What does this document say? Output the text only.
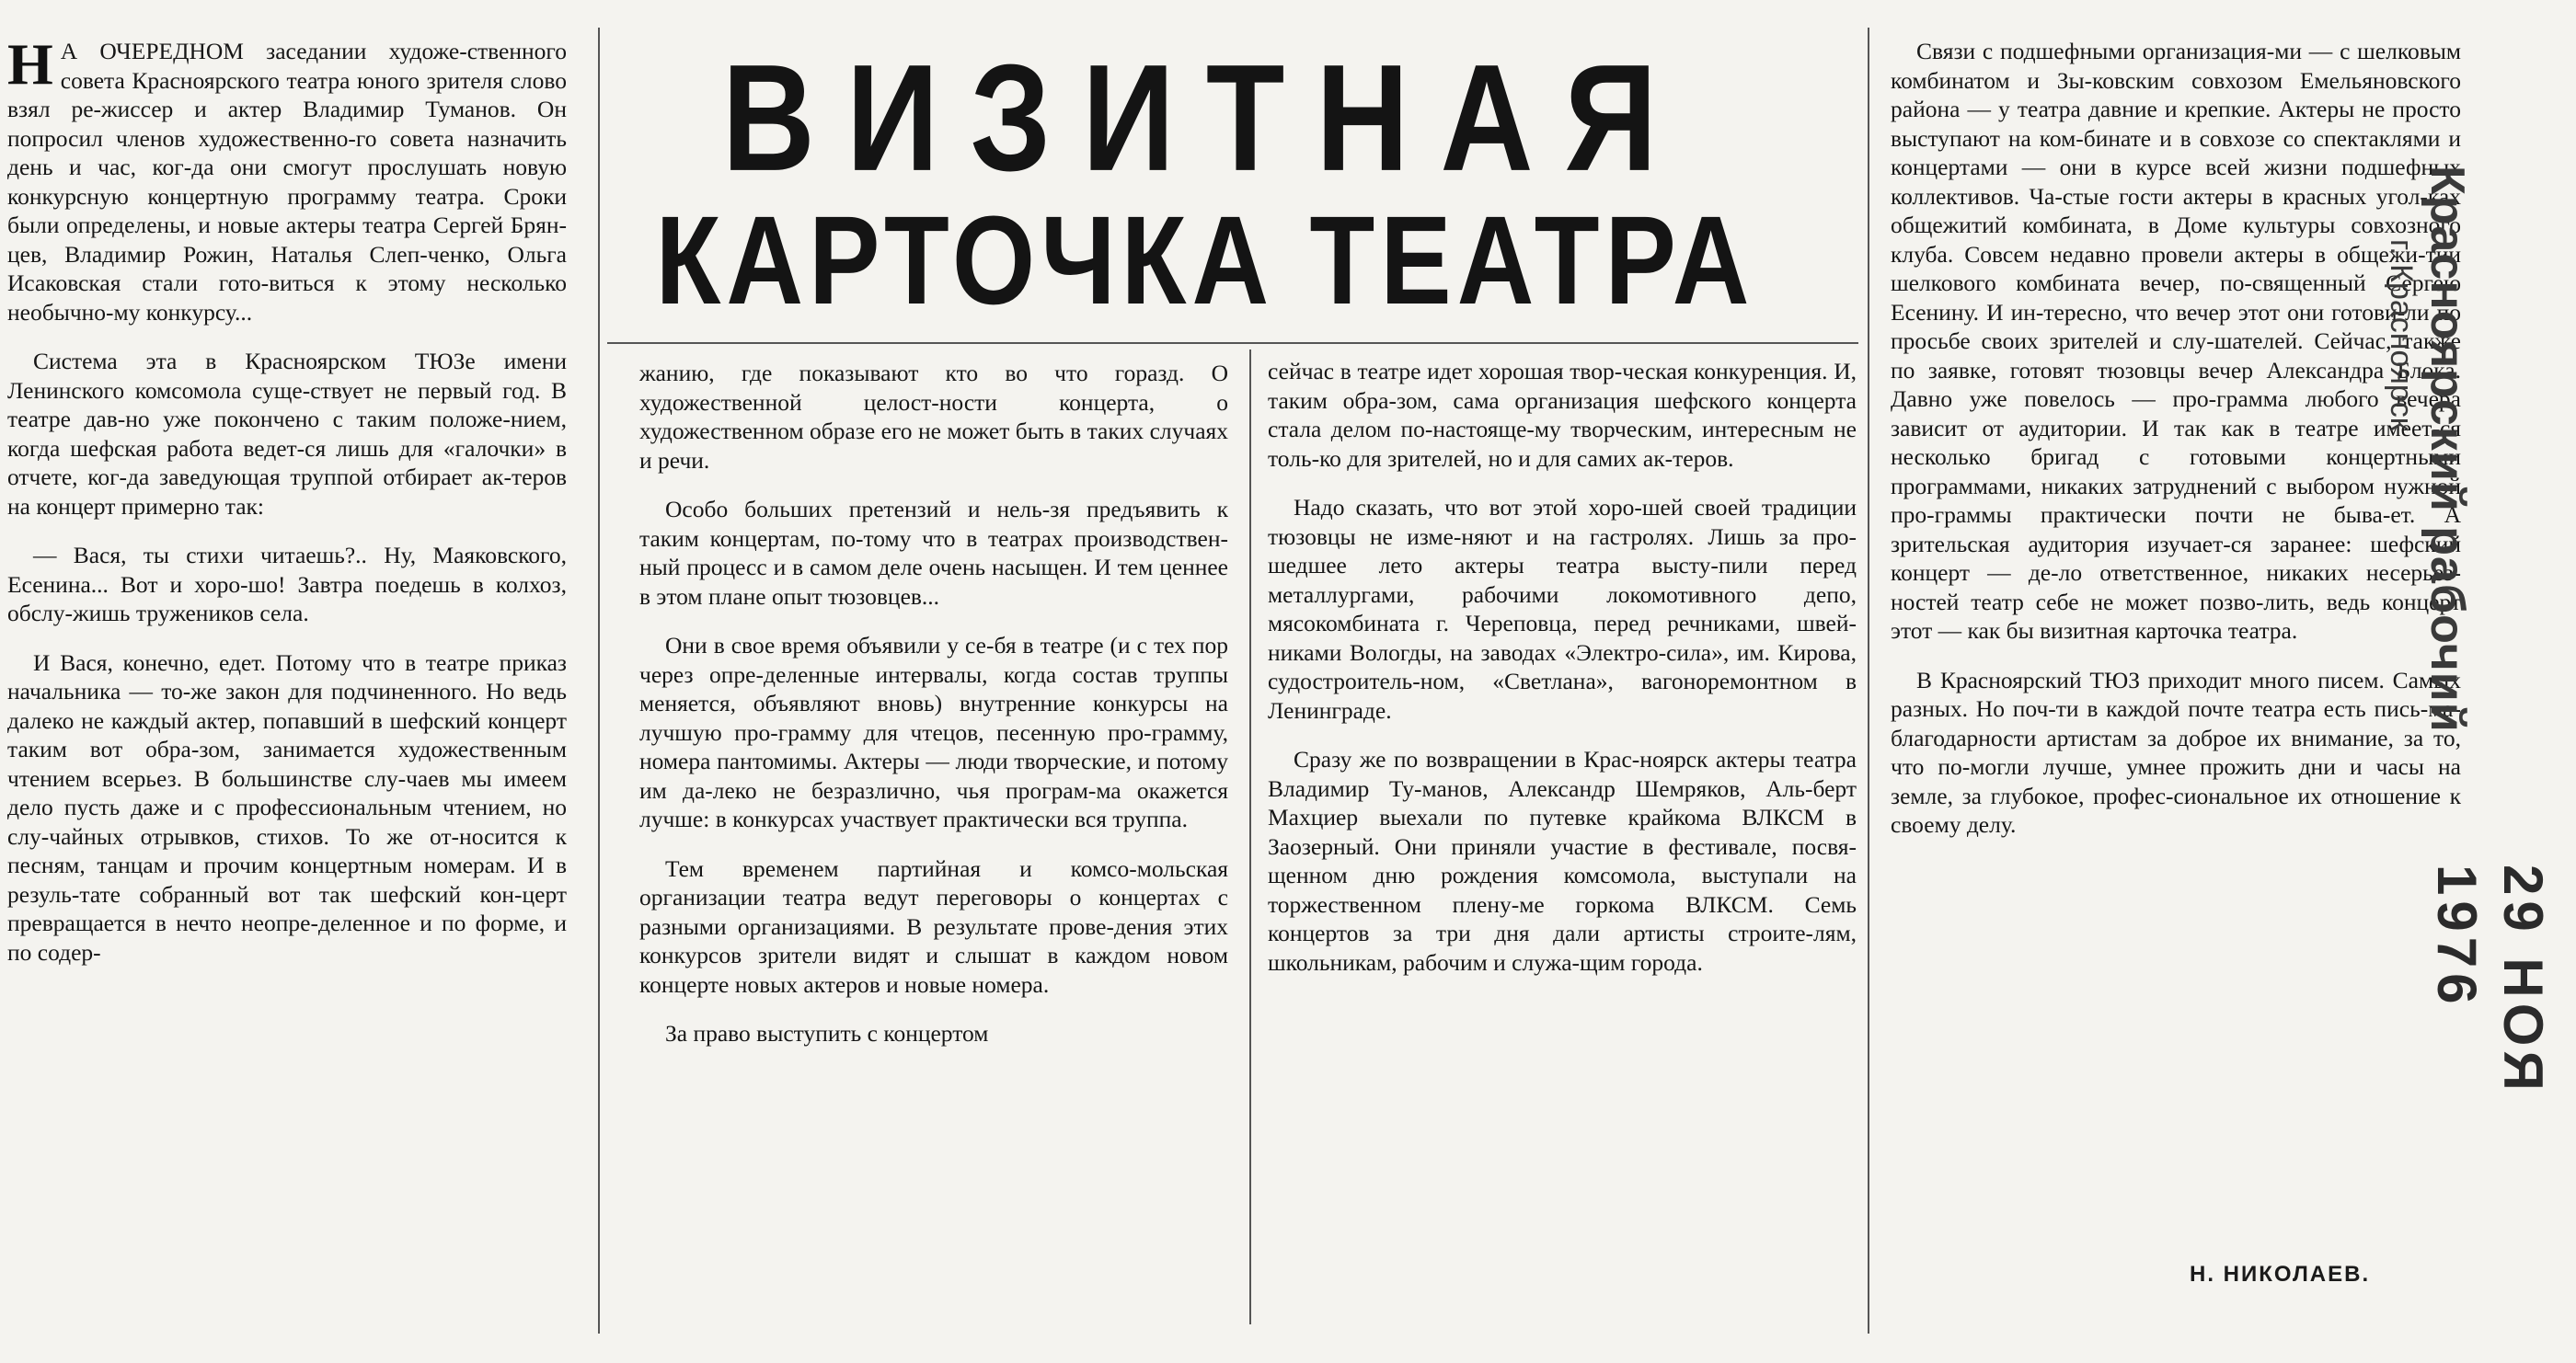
ВИЗИТНАЯ
КАРТОЧКА ТЕАТРА

Н А ОЧЕРЕДНОМ заседании художе-ственного совета Красноярского театра юного зрителя слово взял ре-жиссер и актер Владимир Туманов. Он попросил членов художественно-го совета назначить день и час, ког-да они смогут прослушать новую конкурсную концертную программу театра. Сроки были определены, и новые актеры театра Сергей Брян-цев, Владимир Рожин, Наталья Слеп-ченко, Ольга Исаковская стали гото-виться к этому несколько необычно-му конкурсу...

Система эта в Красноярском ТЮЗе имени Ленинского комсомола суще-ствует не первый год. В театре дав-но уже покончено с таким положе-нием, когда шефская работа ведет-ся лишь для «галочки» в отчете, ког-да заведующая труппой отбирает ак-теров на концерт примерно так:

— Вася, ты стихи читаешь?.. Ну, Маяковского, Есенина... Вот и хоро-шо! Завтра поедешь в колхоз, обслу-жишь тружеников села.

И Вася, конечно, едет. Потому что в театре приказ начальника — то-же закон для подчиненного. Но ведь далеко не каждый актер, попавший в шефский концерт таким вот обра-зом, занимается художественным чтением всерьез. В большинстве слу-чаев мы имеем дело пусть даже и с профессиональным чтением, но слу-чайных отрывков, стихов. То же от-носится к песням, танцам и прочим концертным номерам. И в резуль-тате собранный вот так шефский кон-церт превращается в нечто неопре-деленное и по форме, и по содер-

жанию, где показывают кто во что горазд. О художественной целост-ности концерта, о художественном образе его не может быть в таких случаях и речи.

Особо больших претензий и нель-зя предъявить к таким концертам, по-тому что в театрах производствен-ный процесс и в самом деле очень насыщен. И тем ценнее в этом плане опыт тюзовцев...

Они в свое время объявили у се-бя в театре (и с тех пор через опре-деленные интервалы, когда состав труппы меняется, объявляют вновь) внутренние конкурсы на лучшую про-грамму для чтецов, песенную про-грамму, номера пантомимы. Актеры — люди творческие, и потому им да-леко не безразлично, чья програм-ма окажется лучше: в конкурсах участвует практически вся труппа.

Тем временем партийная и комсо-мольская организации театра ведут переговоры о концертах с разными организациями. В результате прове-дения этих конкурсов зрители видят и слышат в каждом новом концерте новых актеров и новые номера.

За право выступить с концертом

сейчас в театре идет хорошая твор-ческая конкуренция. И, таким обра-зом, сама организация шефского концерта стала делом по-настояще-му творческим, интересным не толь-ко для зрителей, но и для самих ак-теров.

Надо сказать, что вот этой хоро-шей своей традиции тюзовцы не изме-няют и на гастролях. Лишь за про-шедшее лето актеры театра высту-пили перед металлургами, рабочими локомотивного депо, мясокомбината г. Череповца, перед речниками, швей-никами Вологды, на заводах «Электро-сила», им. Кирова, судостроитель-ном, «Светлана», вагоноремонтном в Ленинграде.

Сразу же по возвращении в Крас-ноярск актеры театра Владимир Ту-манов, Александр Шемряков, Аль-берт Махциер выехали по путевке крайкома ВЛКСМ в Заозерный. Они приняли участие в фестивале, посвя-щенном дню рождения комсомола, выступали на торжественном плену-ме горкома ВЛКСМ. Семь концертов за три дня дали артисты строите-лям, школьникам, рабочим и служа-щим города.

Связи с подшефными организация-ми — с шелковым комбинатом и Зы-ковским совхозом Емельяновского района — у театра давние и крепкие. Актеры не просто выступают на ком-бинате и в совхозе со спектаклями и концертами — они в курсе всей жизни подшефных коллективов. Ча-стые гости актеры в красных угол-ках общежитий комбината, в Доме культуры совхозного клуба. Совсем недавно провели актеры в общежи-тии шелкового комбината вечер, по-священный Сергею Есенину. И ин-тересно, что вечер этот они готови-ли по просьбе своих зрителей и слу-шателей. Сейчас, также по заявке, готовят тюзовцы вечер Александра Блока. Давно уже повелось — про-грамма любого вечера зависит от аудитории. И так как в театре имеет-ся несколько бригад с готовыми концертными программами, никаких затруднений с выбором нужной про-граммы практически почти не быва-ет. А зрительская аудитория изучает-ся заранее: шефский концерт — де-ло ответственное, никаких несерьез-ностей театр себе не может позво-лить, ведь концерт этот — как бы визитная карточка театра.

В Красноярский ТЮЗ приходит много писем. Самых разных. Но поч-ти в каждой почте театра есть пись-ма-благодарности артистам за доброе их внимание, за то, что по-могли лучше, умнее прожить дни и часы на земле, за глубокое, профес-сиональное их отношение к своему делу.

Н. НИКОЛАЕВ.
Красноярский рабочий
г. Красноярск
29 НОЯ 1976
